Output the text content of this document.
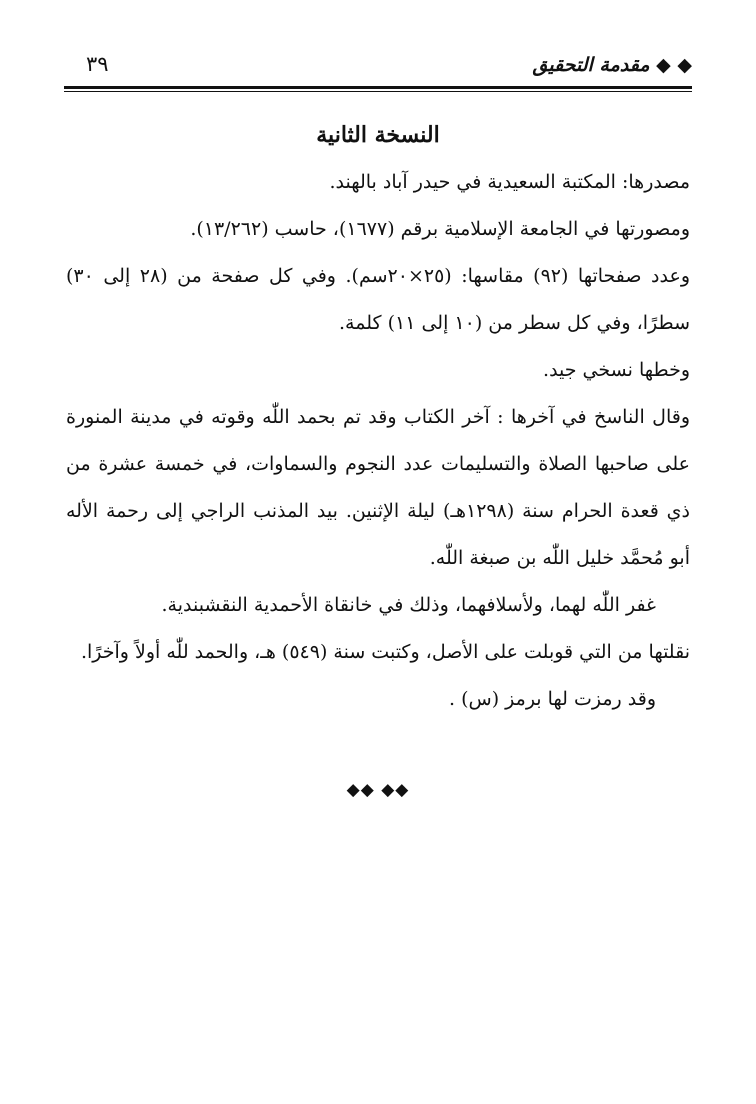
◆ ◆ مقدمة التحقيق
٣٩
النسخة الثانية

مصدرها: المكتبة السعيدية في حيدر آباد بالهند.

ومصورتها في الجامعة الإسلامية برقم (١٦٧٧)، حاسب (١٣/٢٦٢).

وعدد صفحاتها (٩٢) مقاسها: (٢٥×٢٠سم). وفي كل صفحة من (٢٨ إلى ٣٠) سطرًا، وفي كل سطر من (١٠ إلى ١١) كلمة.

وخطها نسخي جيد.

وقال الناسخ في آخرها : آخر الكتاب وقد تم بحمد اللّٰه وقوته في مدينة المنورة على صاحبها الصلاة والتسليمات عدد النجوم والسماوات، في خمسة عشرة من ذي قعدة الحرام سنة (١٢٩٨هـ) ليلة الإثنين. بيد المذنب الراجي إلى رحمة الأله أبو مُحمَّد خليل اللّٰه بن صبغة اللّٰه.

غفر اللّٰه لهما، ولأسلافهما، وذلك في خانقاة الأحمدية النقشبندية.

نقلتها من التي قوبلت على الأصل، وكتبت سنة (٥٤٩) هـ، والحمد للّٰه أولاً وآخرًا.

وقد رمزت لها برمز (س) .

◆◆ ◆◆
